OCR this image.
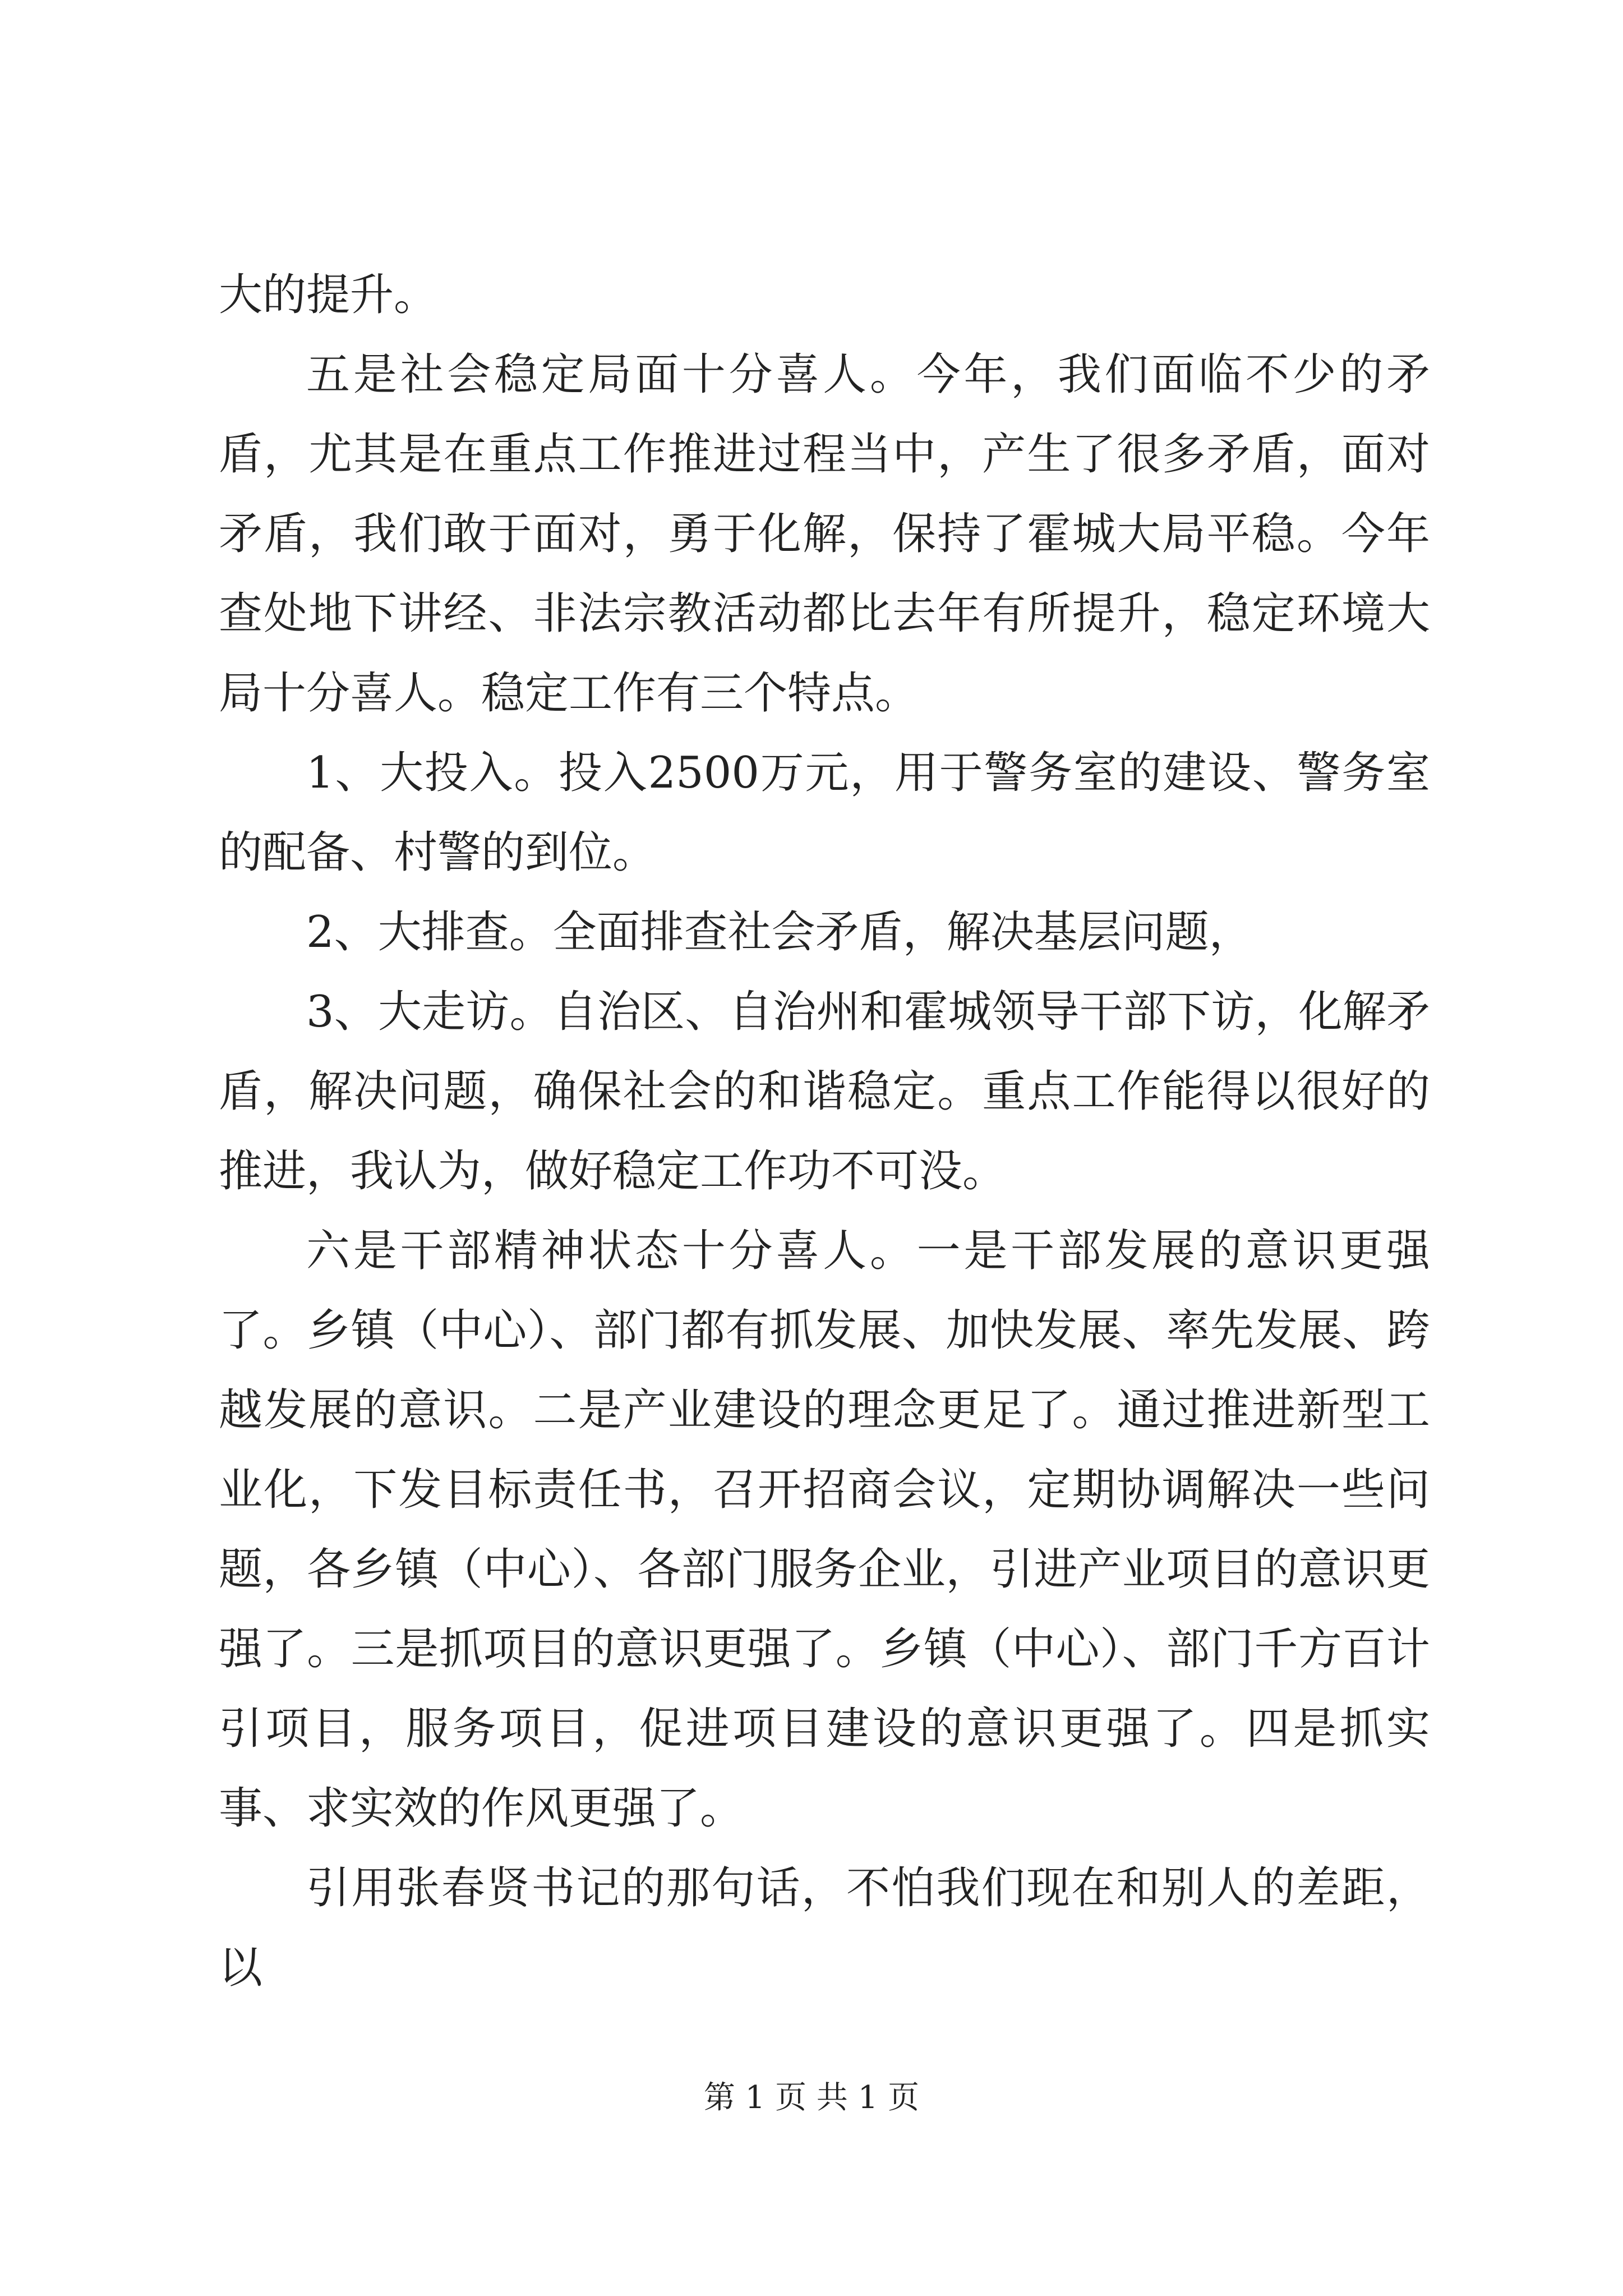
大的提升。

五是社会稳定局面十分喜人。今年，我们面临不少的矛盾，尤其是在重点工作推进过程当中，产生了很多矛盾，面对矛盾，我们敢于面对，勇于化解，保持了霍城大局平稳。今年查处地下讲经、非法宗教活动都比去年有所提升，稳定环境大局十分喜人。稳定工作有三个特点。

1、大投入。投入2500万元，用于警务室的建设、警务室的配备、村警的到位。

2、大排查。全面排查社会矛盾，解决基层问题，

3、大走访。自治区、自治州和霍城领导干部下访，化解矛盾，解决问题，确保社会的和谐稳定。重点工作能得以很好的推进，我认为，做好稳定工作功不可没。

六是干部精神状态十分喜人。一是干部发展的意识更强了。乡镇（中心）、部门都有抓发展、加快发展、率先发展、跨越发展的意识。二是产业建设的理念更足了。通过推进新型工业化，下发目标责任书，召开招商会议，定期协调解决一些问题，各乡镇（中心）、各部门服务企业，引进产业项目的意识更强了。三是抓项目的意识更强了。乡镇（中心）、部门千方百计引项目，服务项目，促进项目建设的意识更强了。四是抓实事、求实效的作风更强了。

引用张春贤书记的那句话，不怕我们现在和别人的差距，以

第 1 页 共 1 页
